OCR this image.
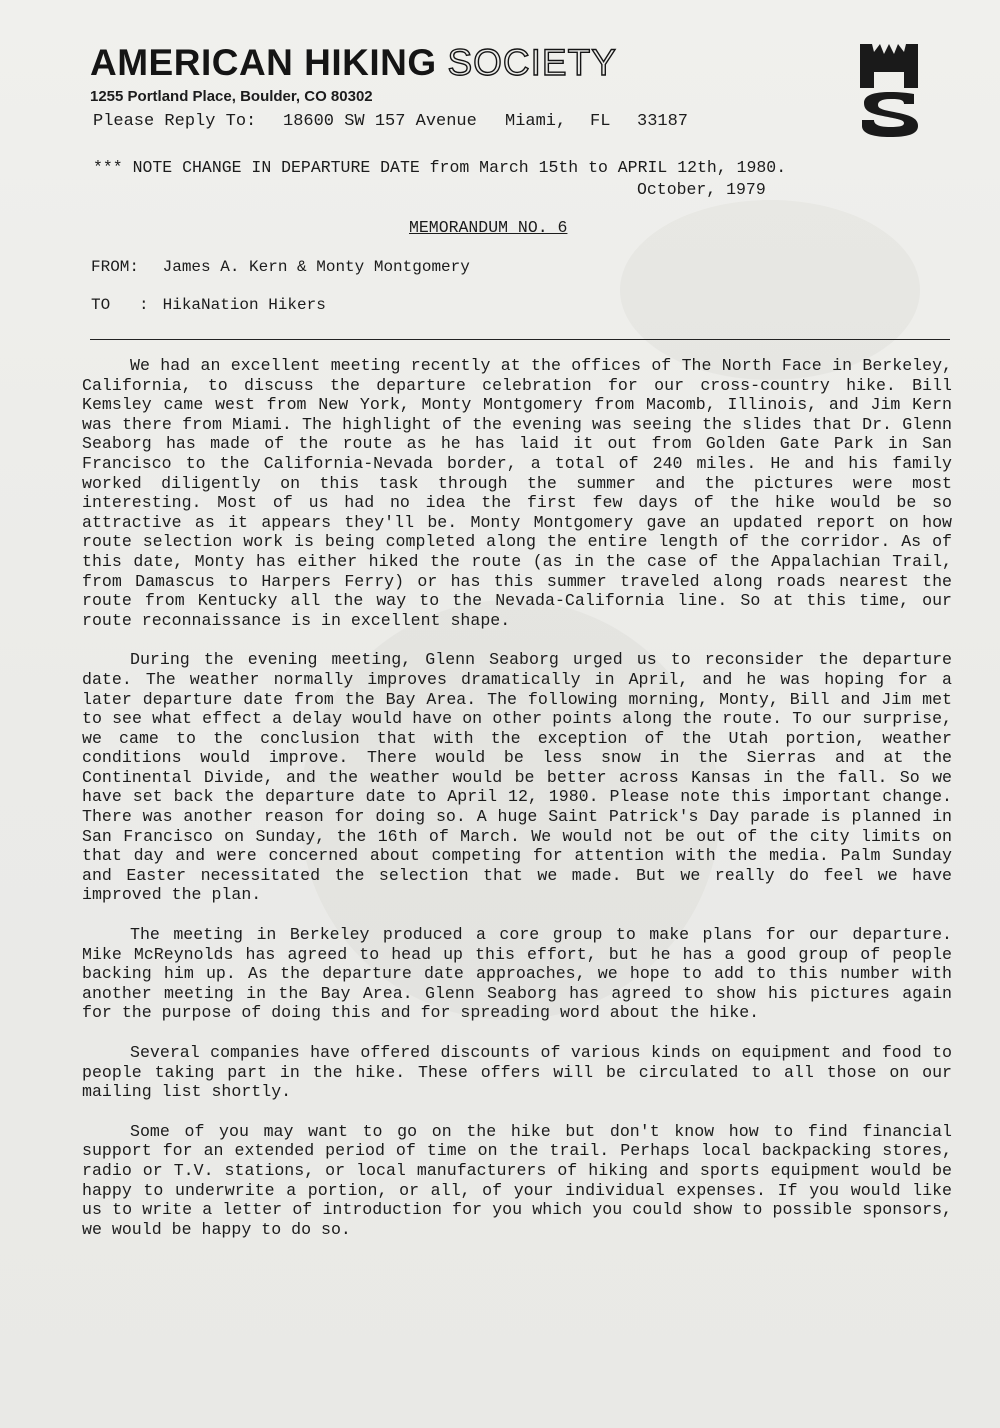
AMERICAN HIKING SOCIETY
1255 Portland Place, Boulder, CO 80302
Please Reply To:	18600 SW 157 Avenue	Miami,	FL	33187
*** NOTE CHANGE IN DEPARTURE DATE from March 15th to APRIL 12th, 1980.
October, 1979
MEMORANDUM NO. 6
FROM: James A. Kern & Monty Montgomery
TO   : HikaNation Hikers

We had an excellent meeting recently at the offices of The North Face in Berkeley, California, to discuss the departure celebration for our cross-country hike. Bill Kemsley came west from New York, Monty Montgomery from Macomb, Illinois, and Jim Kern was there from Miami. The highlight of the evening was seeing the slides that Dr. Glenn Seaborg has made of the route as he has laid it out from Golden Gate Park in San Francisco to the California-Nevada border, a total of 240 miles. He and his family worked diligently on this task through the summer and the pictures were most interesting. Most of us had no idea the first few days of the hike would be so attractive as it appears they'll be. Monty Montgomery gave an updated report on how route selection work is being completed along the entire length of the corridor. As of this date, Monty has either hiked the route (as in the case of the Appalachian Trail, from Damascus to Harpers Ferry) or has this summer traveled along roads nearest the route from Kentucky all the way to the Nevada-California line. So at this time, our route reconnaissance is in excellent shape.

During the evening meeting, Glenn Seaborg urged us to reconsider the departure date. The weather normally improves dramatically in April, and he was hoping for a later departure date from the Bay Area. The following morning, Monty, Bill and Jim met to see what effect a delay would have on other points along the route. To our surprise, we came to the conclusion that with the exception of the Utah portion, weather conditions would improve. There would be less snow in the Sierras and at the Continental Divide, and the weather would be better across Kansas in the fall. So we have set back the departure date to April 12, 1980. Please note this important change. There was another reason for doing so. A huge Saint Patrick's Day parade is planned in San Francisco on Sunday, the 16th of March. We would not be out of the city limits on that day and were concerned about competing for attention with the media. Palm Sunday and Easter necessitated the selection that we made. But we really do feel we have improved the plan.

The meeting in Berkeley produced a core group to make plans for our departure. Mike McReynolds has agreed to head up this effort, but he has a good group of people backing him up. As the departure date approaches, we hope to add to this number with another meeting in the Bay Area. Glenn Seaborg has agreed to show his pictures again for the purpose of doing this and for spreading word about the hike.

Several companies have offered discounts of various kinds on equipment and food to people taking part in the hike. These offers will be circulated to all those on our mailing list shortly.

Some of you may want to go on the hike but don't know how to find financial support for an extended period of time on the trail. Perhaps local backpacking stores, radio or T.V. stations, or local manufacturers of hiking and sports equipment would be happy to underwrite a portion, or all, of your individual expenses. If you would like us to write a letter of introduction for you which you could show to possible sponsors, we would be happy to do so.
